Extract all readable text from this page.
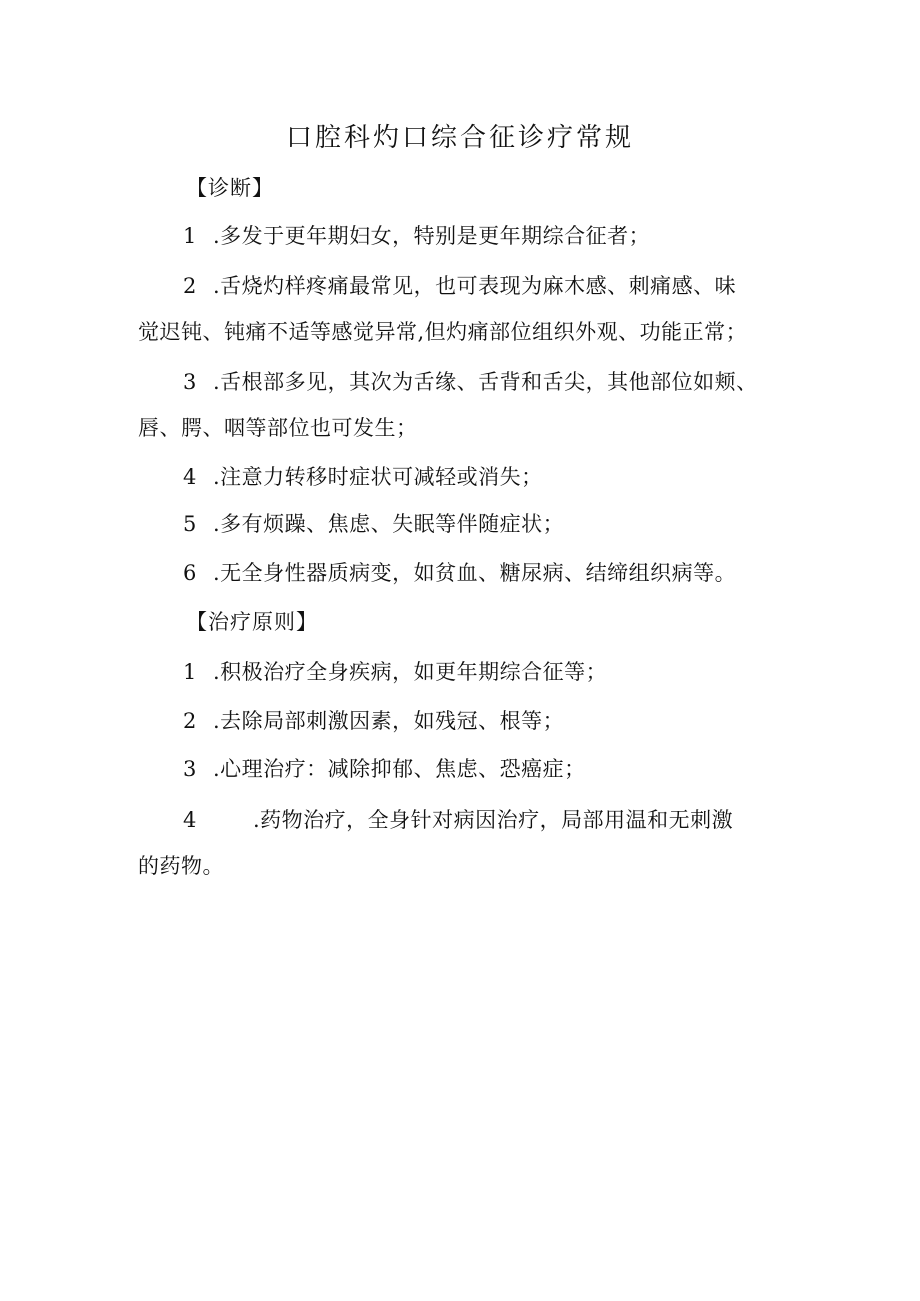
口腔科灼口综合征诊疗常规

【诊断】

1 .多发于更年期妇女，特别是更年期综合征者；

2 .舌烧灼样疼痛最常见，也可表现为麻木感、刺痛感、味
觉迟钝、钝痛不适等感觉异常,但灼痛部位组织外观、功能正常；

3 .舌根部多见，其次为舌缘、舌背和舌尖，其他部位如颊、
唇、腭、咽等部位也可发生；

4 .注意力转移时症状可减轻或消失；

5 .多有烦躁、焦虑、失眠等伴随症状；

6 .无全身性器质病变，如贫血、糖尿病、结缔组织病等。

【治疗原则】

1 .积极治疗全身疾病，如更年期综合征等；

2 .去除局部刺激因素，如残冠、根等；

3 .心理治疗：减除抑郁、焦虑、恐癌症；

4	.药物治疗，全身针对病因治疗，局部用温和无刺激
的药物。
